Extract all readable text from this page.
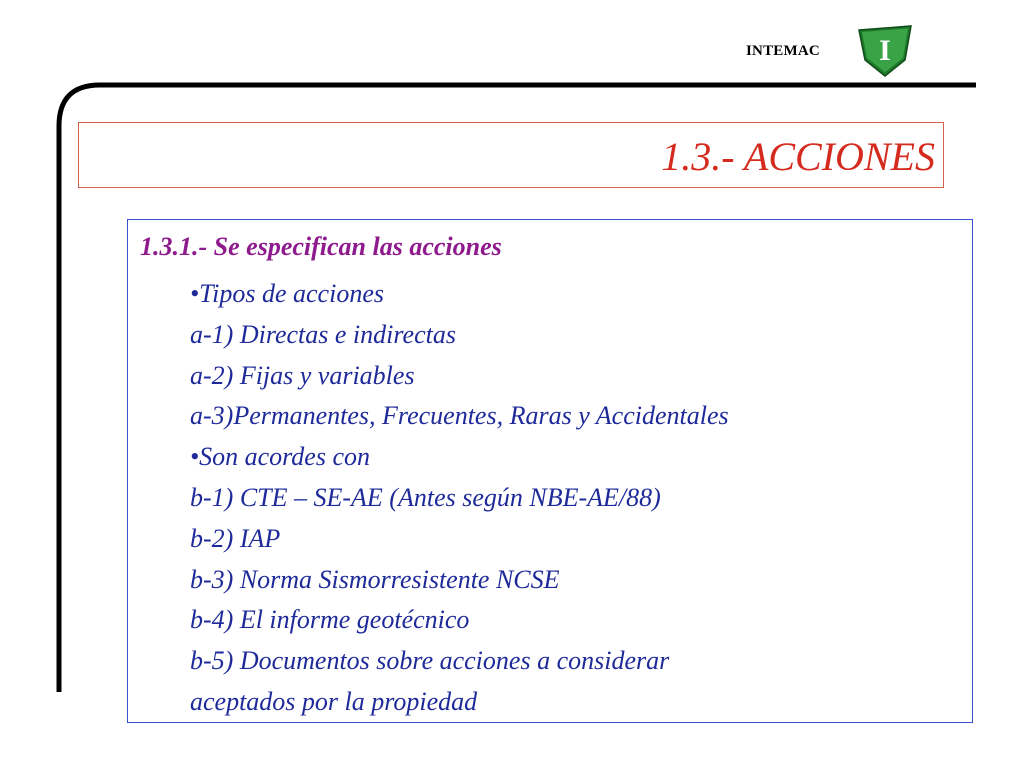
INTEMAC I
1.3.- ACCIONES
1.3.1.- Se especifican las acciones
•Tipos de acciones
a-1) Directas e indirectas
a-2) Fijas y variables
a-3)Permanentes, Frecuentes, Raras y Accidentales
•Son acordes con
b-1) CTE – SE-AE (Antes según NBE-AE/88)
b-2) IAP
b-3) Norma Sismorresistente NCSE
b-4) El informe geotécnico
b-5) Documentos sobre acciones a considerar
aceptados por la propiedad
